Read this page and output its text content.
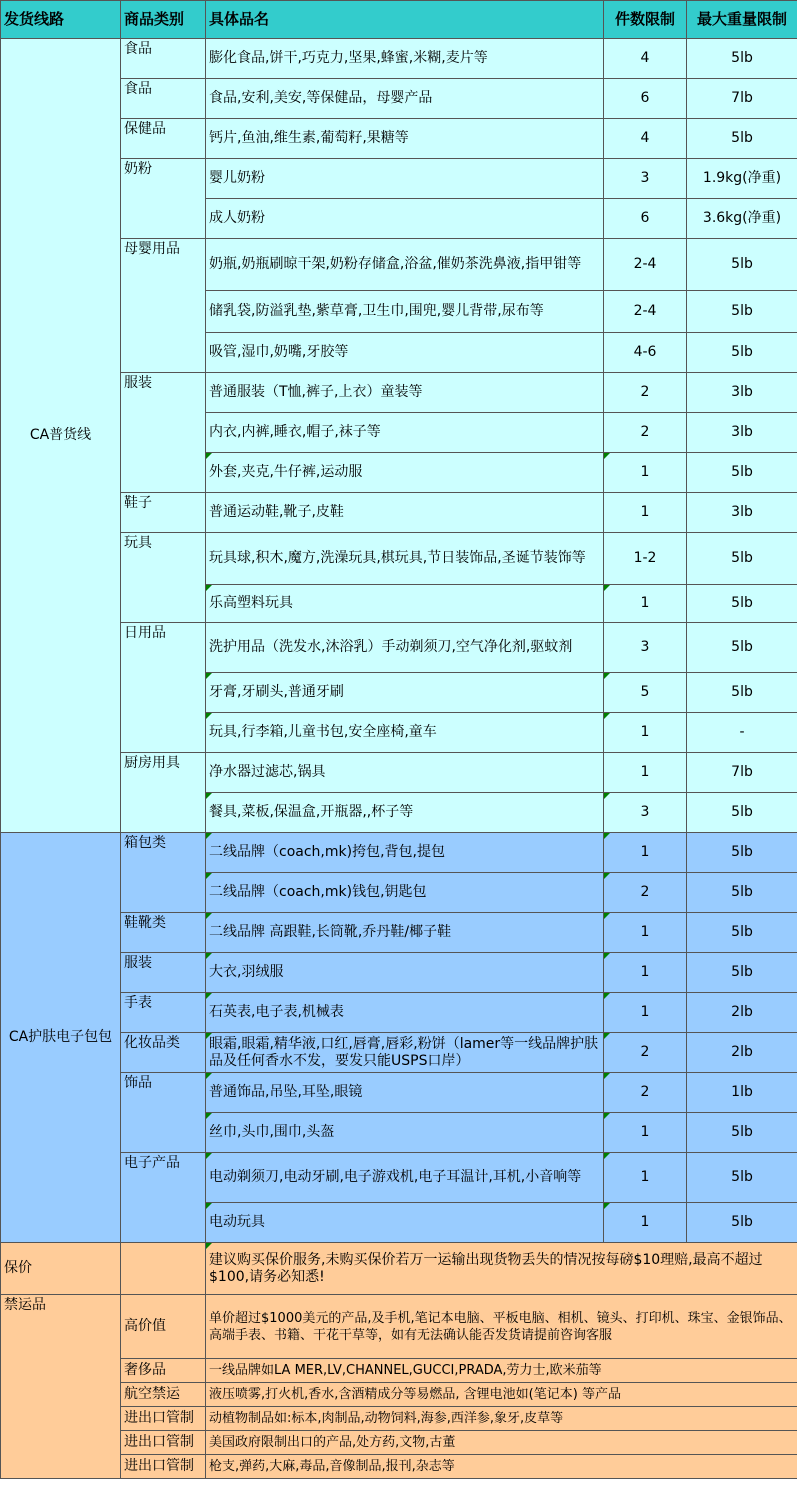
发货线路	商品类别	具体品名	件数限制	最大重量限制
CA普货线	食品	膨化食品,饼干,巧克力,坚果,蜂蜜,米糊,麦片等	4	5lb
	食品	食品,安利,美安,等保健品，母婴产品	6	7lb
	保健品	钙片,鱼油,维生素,葡萄籽,果糖等	4	5lb
	奶粉	婴儿奶粉	3	1.9kg(净重)
		成人奶粉	6	3.6kg(净重)
	母婴用品	奶瓶,奶瓶刷晾干架,奶粉存储盒,浴盆,催奶茶洗鼻液,指甲钳等	2-4	5lb
		储乳袋,防溢乳垫,紫草膏,卫生巾,围兜,婴儿背带,尿布等	2-4	5lb
		吸管,湿巾,奶嘴,牙胶等	4-6	5lb
	服装	普通服装（T恤,裤子,上衣）童装等	2	3lb
		内衣,内裤,睡衣,帽子,袜子等	2	3lb
		外套,夹克,牛仔裤,运动服	1	5lb
	鞋子	普通运动鞋,靴子,皮鞋	1	3lb
	玩具	玩具球,积木,魔方,洗澡玩具,棋玩具,节日装饰品,圣诞节装饰等	1-2	5lb
		乐高塑料玩具	1	5lb
	日用品	洗护用品（洗发水,沐浴乳）手动剃须刀,空气净化剂,驱蚊剂	3	5lb
		牙膏,牙刷头,普通牙刷	5	5lb
		玩具,行李箱,儿童书包,安全座椅,童车	1	-
	厨房用具	净水器过滤芯,锅具	1	7lb
		餐具,菜板,保温盒,开瓶器,,杯子等	3	5lb
CA护肤电子包包	箱包类	二线品牌（coach,mk)挎包,背包,提包	1	5lb
		二线品牌（coach,mk)钱包,钥匙包	2	5lb
	鞋靴类	二线品牌 高跟鞋,长筒靴,乔丹鞋/椰子鞋	1	5lb
	服装	大衣,羽绒服	1	5lb
	手表	石英表,电子表,机械表	1	2lb
	化妆品类	眼霜,眼霜,精华液,口红,唇膏,唇彩,粉饼（lamer等一线品牌护肤品及任何香水不发，要发只能USPS口岸）	2	2lb
	饰品	普通饰品,吊坠,耳坠,眼镜	2	1lb
		丝巾,头巾,围巾,头盔	1	5lb
	电子产品	电动剃须刀,电动牙刷,电子游戏机,电子耳温计,耳机,小音响等	1	5lb
		电动玩具	1	5lb
保价		建议购买保价服务,未购买保价若万一运输出现货物丢失的情况按每磅$10理赔,最高不超过$100,请务必知悉!		
禁运品	高价值	单价超过$1000美元的产品,及手机,笔记本电脑、平板电脑、相机、镜头、打印机、珠宝、金银饰品、高端手表、书籍、干花干草等，如有无法确认能否发货请提前咨询客服		
	奢侈品	一线品牌如LA MER,LV,CHANNEL,GUCCI,PRADA,劳力士,欧米茄等		
	航空禁运	液压喷雾,打火机,香水,含酒精成分等易燃品, 含锂电池如(笔记本) 等产品		
	进出口管制	动植物制品如:标本,肉制品,动物饲料,海参,西洋参,象牙,皮草等		
	进出口管制	美国政府限制出口的产品,处方药,文物,古董		
	进出口管制	枪支,弹药,大麻,毒品,音像制品,报刊,杂志等		
